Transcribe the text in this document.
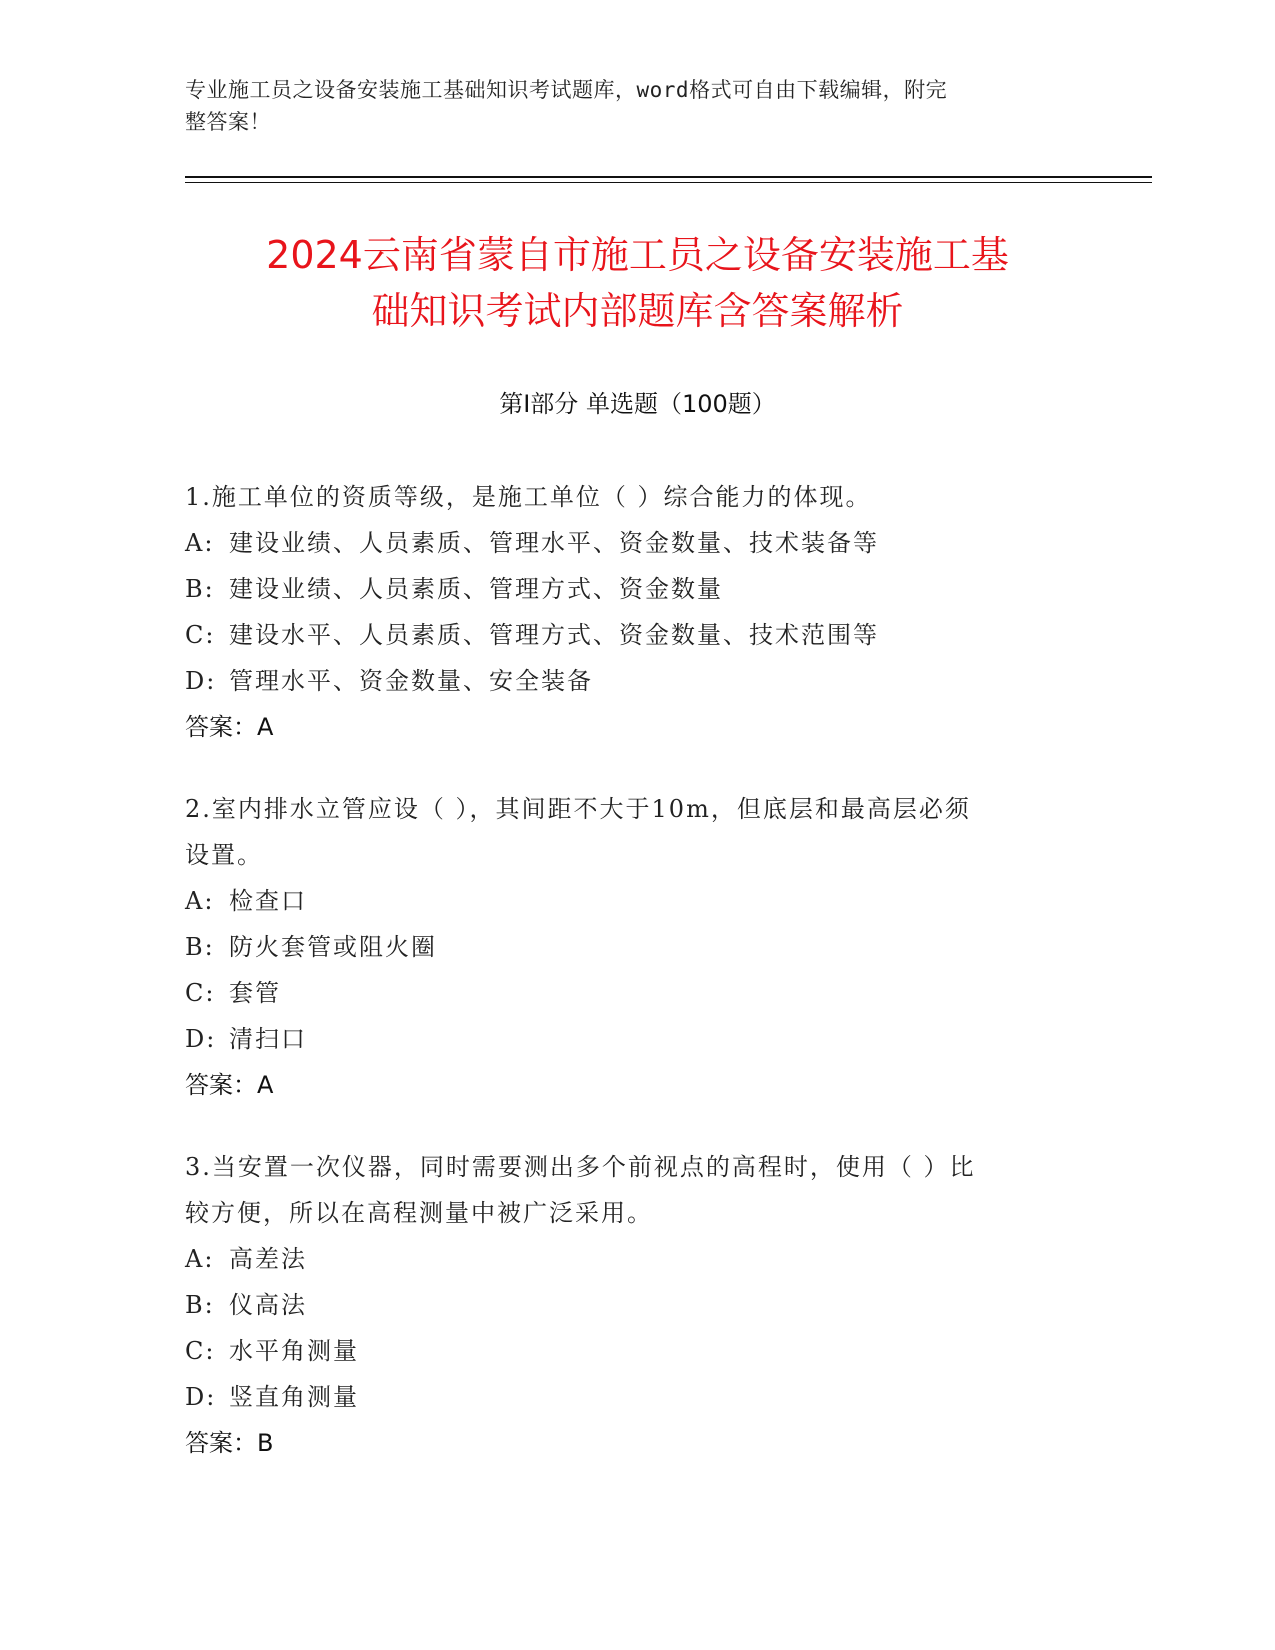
专业施工员之设备安装施工基础知识考试题库，word格式可自由下载编辑，附完
整答案！
2024云南省蒙自市施工员之设备安装施工基
础知识考试内部题库含答案解析
第Ⅰ部分 单选题（100题）
1.施工单位的资质等级，是施工单位（ ）综合能力的体现。
A: 建设业绩、人员素质、管理水平、资金数量、技术装备等
B: 建设业绩、人员素质、管理方式、资金数量
C: 建设水平、人员素质、管理方式、资金数量、技术范围等
D: 管理水平、资金数量、安全装备
答案：A
2.室内排水立管应设（ ），其间距不大于10m，但底层和最高层必须
设置。
A: 检查口
B: 防火套管或阻火圈
C: 套管
D: 清扫口
答案：A
3.当安置一次仪器，同时需要测出多个前视点的高程时，使用（ ）比
较方便，所以在高程测量中被广泛采用。
A: 高差法
B: 仪高法
C: 水平角测量
D: 竖直角测量
答案：B
